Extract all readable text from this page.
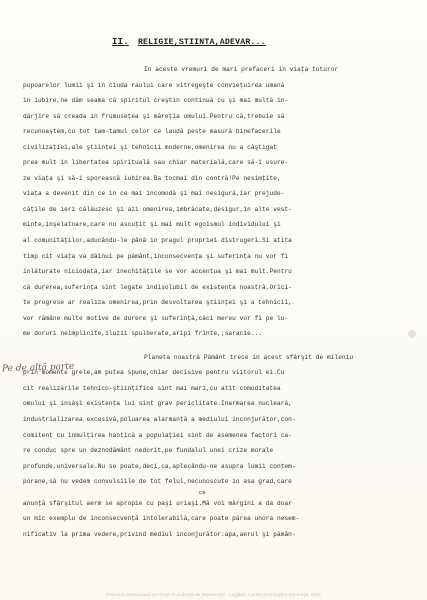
II. RELIGIE,STIINTA,ADEVAR...
In aceste vremuri de mari prefaceri in viaţa tuturor
popoarelor lumii şi in ciuda raului care vitregeşte convieţuirea umană
in iubire,ne dăm seama că spiritul creştin continuă cu şi mai multă in-
dârjire să creada in frumuseţea şi măreţia omului.Pentru că,trebuie să
recunoaştem,cu tot tam-tamul celor ce laudă peste masură binefacerile
civilizaţiei,ale ştiinţei şi tehnicii moderne,omenirea nu a câştigat
prea mult in libertatea spirituală sau chiar materială,care să-i usure-
ze viaţa şi să-i sporească iubirea.Ba tocmai din contră!Pe nesimţite,
viaţa a devenit din ce in ce mai incomodă şi mai nesigură,iar prejude-
căţile de ieri călăuzesc şi azi omenirea,imbrăcate,desigur,in alte vest-
minte,inşelatoare,care nu ascuţit şi mai mult egoismul individului şi
al comunităţilor,aducându-le până in pragul propriei distrugeri.Si atita
timp cit viaţa va dăinui pe pământ,inconsecvenţa şi suferinţa nu vor fi
inlăturate niciodată,iar inechităţile se vor accentua şi mai mult.Pentru
că durerea,suferinţa sint legate indisolubil de existenţa noastră.Orici-
te progrese ar realiza omenirea,prin desvoltarea ştiinţei şi a tehnicii,
vor rămâne multe motive de durere şi suferinţă,căci mereu vor fi pe lu-
me doruri neimplinite,iluzii spulberate,aripi frinte,;saracie...
Planeta noastră Pământ trece in acest sfârşit de mileniu
prin momente grele,am putea spune,chiar decisive pentru viitorul ei.Cu
cit realizările tehnico-ştiinţifice sint mai mari,cu atit comoditatea
omului şi insăşi existenţa lui sint grav periclitate.Inarmarea nucleară,
industrializarea excesivă,poluarea alarmantă a mediului inconjurător,con-
comitent cu inmulţirea haotică a populaţiei sint de asemenea factori ca-
re conduc spre un deznodământ nedorit,pe fundalul unei crize morale
profunde,universale.Nu se poate,deci,ca,aplecându-ne asupra lumii contem-
porane,să nu vedem convulsiile de tot felul,necunoscute in asa grad,care
ce
anunţă sfârşitul aerm se apropie cu paşi uriaşi.Mă voi mărgini a da doar
un mic exemplu de inconsecvenţă intolerabilă,care poate părea unora nesem-
nificativ la prima vedere,privind mediul inconjurător:apa,aerul şi pămân-
Pe de altă parte
Proiectul International al Arhivei Româneşti de Manuscrise · Legături, Cartea Bucureştilor Bucureşti, 2005
